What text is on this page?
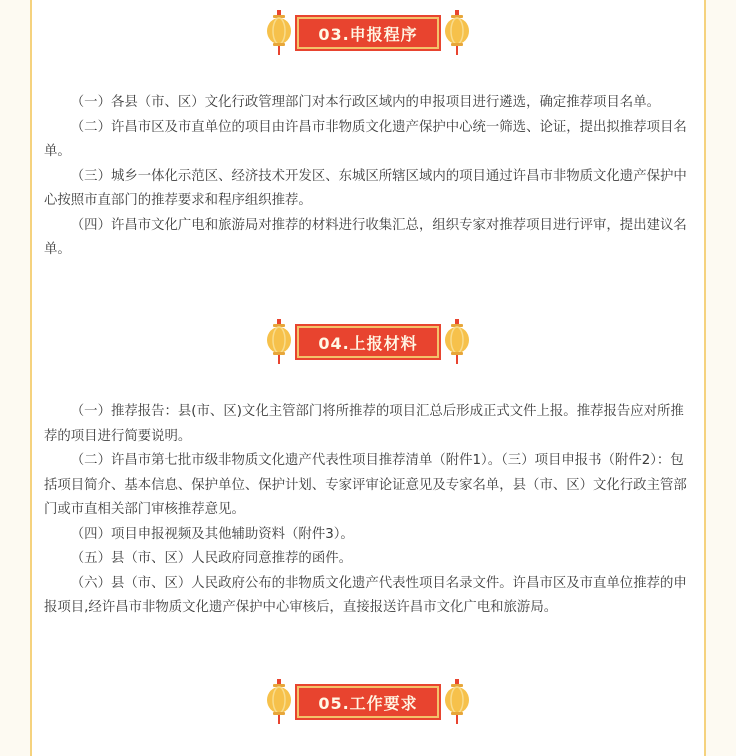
03.申报程序

（一）各县（市、区）文化行政管理部门对本行政区域内的申报项目进行遴选，确定推荐项目名单。

（二）许昌市区及市直单位的项目由许昌市非物质文化遗产保护中心统一筛选、论证，提出拟推荐项目名单。

（三）城乡一体化示范区、经济技术开发区、东城区所辖区域内的项目通过许昌市非物质文化遗产保护中心按照市直部门的推荐要求和程序组织推荐。

（四）许昌市文化广电和旅游局对推荐的材料进行收集汇总，组织专家对推荐项目进行评审，提出建议名单。

04.上报材料

（一）推荐报告：县(市、区)文化主管部门将所推荐的项目汇总后形成正式文件上报。推荐报告应对所推荐的项目进行简要说明。

（二）许昌市第七批市级非物质文化遗产代表性项目推荐清单（附件1）。（三）项目申报书（附件2）：包括项目简介、基本信息、保护单位、保护计划、专家评审论证意见及专家名单，县（市、区）文化行政主管部门或市直相关部门审核推荐意见。

（四）项目申报视频及其他辅助资料（附件3）。

（五）县（市、区）人民政府同意推荐的函件。

（六）县（市、区）人民政府公布的非物质文化遗产代表性项目名录文件。许昌市区及市直单位推荐的申报项目,经许昌市非物质文化遗产保护中心审核后，直接报送许昌市文化广电和旅游局。

05.工作要求
